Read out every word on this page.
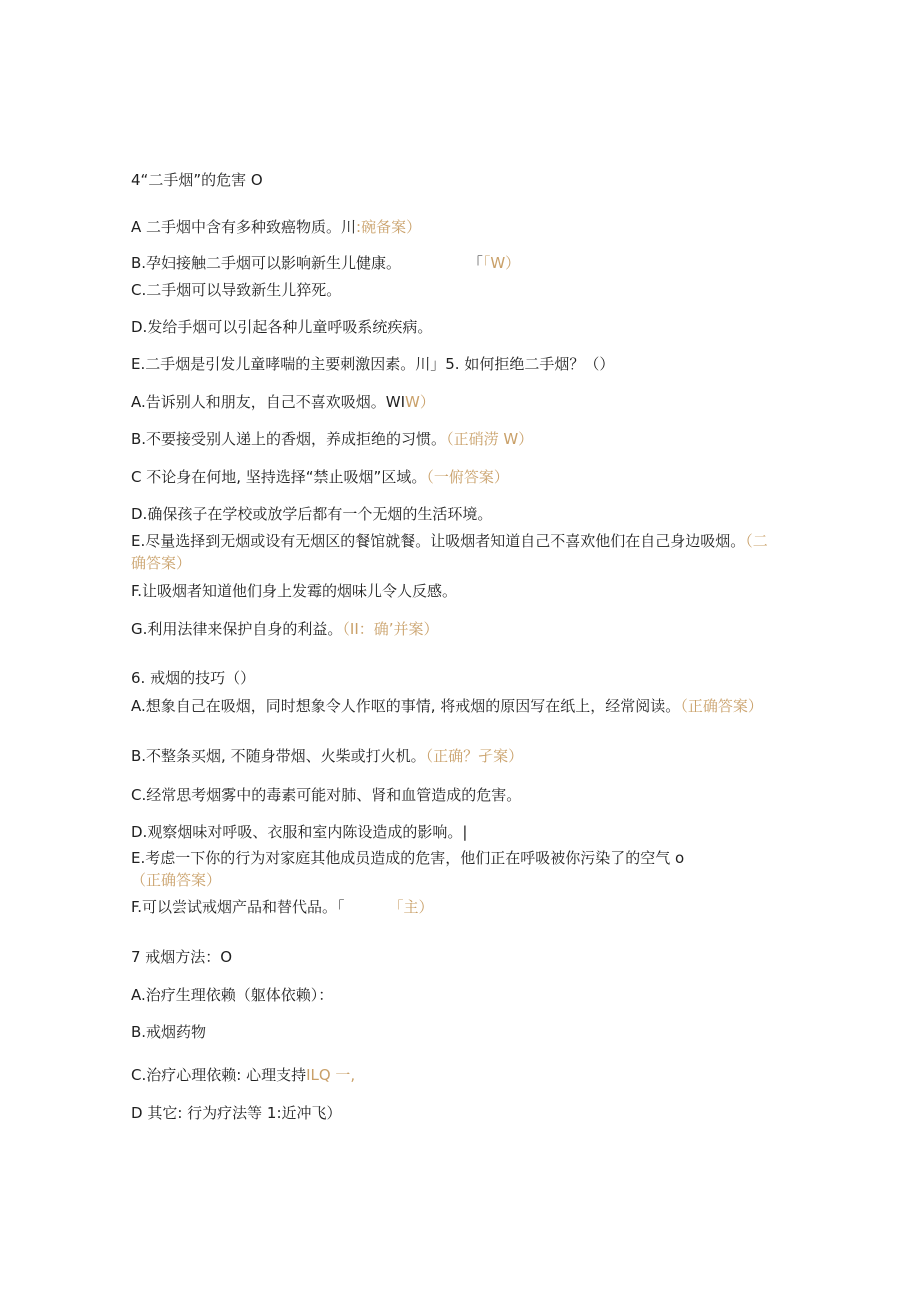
4“二手烟”的危害 O
A 二手烟中含有多种致癌物质。川:碗备案）
B.孕妇接触二手烟可以影响新生儿健康。              「「W）
C.二手烟可以导致新生儿猝死。
D.发给手烟可以引起各种儿童呼吸系统疾病。
E.二手烟是引发儿童哮喘的主要刺激因素。川」5. 如何拒绝二手烟？（）
A.告诉别人和朋友，自己不喜欢吸烟。WIW）
B.不要接受别人递上的香烟，养成拒绝的习惯。（正硝涝 W）
C 不论身在何地, 坚持选择“禁止吸烟”区域。（一俯答案）
D.确保孩子在学校或放学后都有一个无烟的生活环境。
E.尽量选择到无烟或设有无烟区的餐馆就餐。让吸烟者知道自己不喜欢他们在自己身边吸烟。（二确答案）
F.让吸烟者知道他们身上发霉的烟味儿令人反感。
G.利用法律来保护自身的利益。（II：确’并案）
6. 戒烟的技巧（）
A.想象自己在吸烟，同时想象令人作呕的事情, 将戒烟的原因写在纸上，经常阅读。（正确答案）
B.不整条买烟, 不随身带烟、火柴或打火机。（正确？孑案）
C.经常思考烟雾中的毒素可能对肺、肾和血管造成的危害。
D.观察烟味对呼吸、衣服和室内陈设造成的影响。|
E.考虑一下你的行为对家庭其他成员造成的危害，他们正在呼吸被你污染了的空气 o（正确答案）
F.可以尝试戒烟产品和替代品。「	「主）
7 戒烟方法：O
A.治疗生理依赖（躯体依赖）：
B.戒烟药物
C.治疗心理依赖: 心理支持ILQ 一,
D 其它: 行为疗法等 1:近冲飞）
